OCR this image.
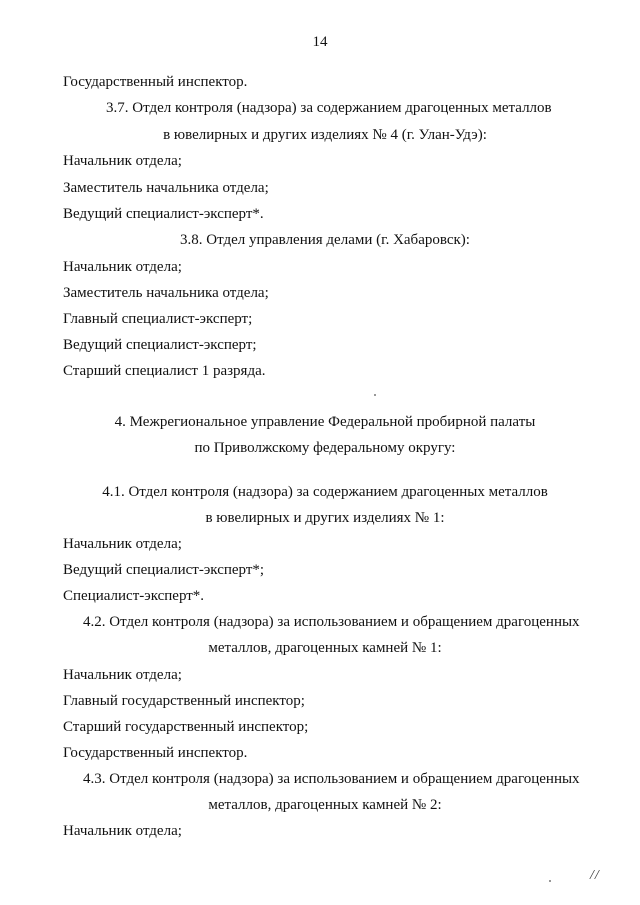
14
Государственный инспектор.
3.7. Отдел контроля (надзора) за содержанием драгоценных металлов
в ювелирных и других изделиях № 4 (г. Улан-Удэ):
Начальник отдела;
Заместитель начальника отдела;
Ведущий специалист-эксперт*.
3.8. Отдел управления делами (г. Хабаровск):
Начальник отдела;
Заместитель начальника отдела;
Главный специалист-эксперт;
Ведущий специалист-эксперт;
Старший специалист 1 разряда.
4. Межрегиональное управление Федеральной пробирной палаты
по Приволжскому федеральному округу:
4.1. Отдел контроля (надзора) за содержанием драгоценных металлов
в ювелирных и других изделиях № 1:
Начальник отдела;
Ведущий специалист-эксперт*;
Специалист-эксперт*.
4.2. Отдел контроля (надзора) за использованием и обращением драгоценных
металлов, драгоценных камней № 1:
Начальник отдела;
Главный государственный инспектор;
Старший государственный инспектор;
Государственный инспектор.
4.3. Отдел контроля (надзора) за использованием и обращением драгоценных
металлов, драгоценных камней № 2:
Начальник отдела;
//
